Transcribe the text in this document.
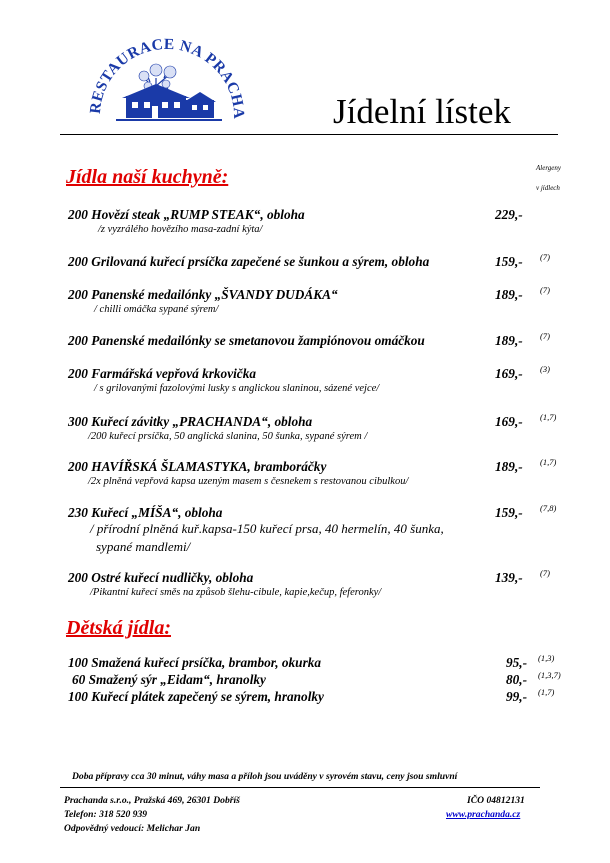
RESTAURACE NA PRACHA Jídelní lístek
Jídla naší kuchyně:	Alergeny
v jídlech
200 Hovězí steak „RUMP STEAK“, obloha	229,-
/z vyzrálého hovězího masa-zadní kýta/
200 Grilovaná kuřecí prsíčka zapečené se šunkou a sýrem, obloha	159,- (7)
200 Panenské medailónky „ŠVANDY DUDÁKA“	189,- (7)
/ chilli omáčka sypané sýrem/
200 Panenské medailónky se smetanovou žampiónovou omáčkou	189,- (7)
200 Farmářská vepřová krkovička	169,- (3)
/ s grilovanými fazolovými lusky s anglickou slaninou, sázené vejce/
300 Kuřecí závitky „PRACHANDA“, obloha	169,- (1,7)
/200 kuřecí prsíčka, 50 anglická slanina, 50 šunka, sypané sýrem /
200 HAVÍŘSKÁ ŠLAMASTYKA, bramboráčky	189,- (1,7)
/2x plněná vepřová kapsa uzeným masem s česnekem s restovanou cibulkou/
230 Kuřecí „MÍŠA“, obloha	159,- (7,8)
/ přírodní plněná kuř.kapsa-150 kuřecí prsa, 40 hermelín, 40 šunka,
sypané mandlemi/
200 Ostré kuřecí nudličky, obloha	139,- (7)
/Pikantní kuřecí směs na způsob šlehu-cibule, kapie,kečup, feferonky/
Dětská jídla:
100 Smažená kuřecí prsíčka, brambor, okurka	95,- (1,3)
60 Smažený sýr „Eidam“, hranolky	80,- (1,3,7)
100 Kuřecí plátek zapečený se sýrem, hranolky	99,- (1,7)
Doba přípravy cca 30 minut, váhy masa a příloh jsou uváděny v syrovém stavu, ceny jsou smluvní
Prachanda s.r.o., Pražská 469, 26301 Dobříš	IČO 04812131
Telefon: 318 520 939	www.prachanda.cz
Odpovědný vedoucí: Melichar Jan
